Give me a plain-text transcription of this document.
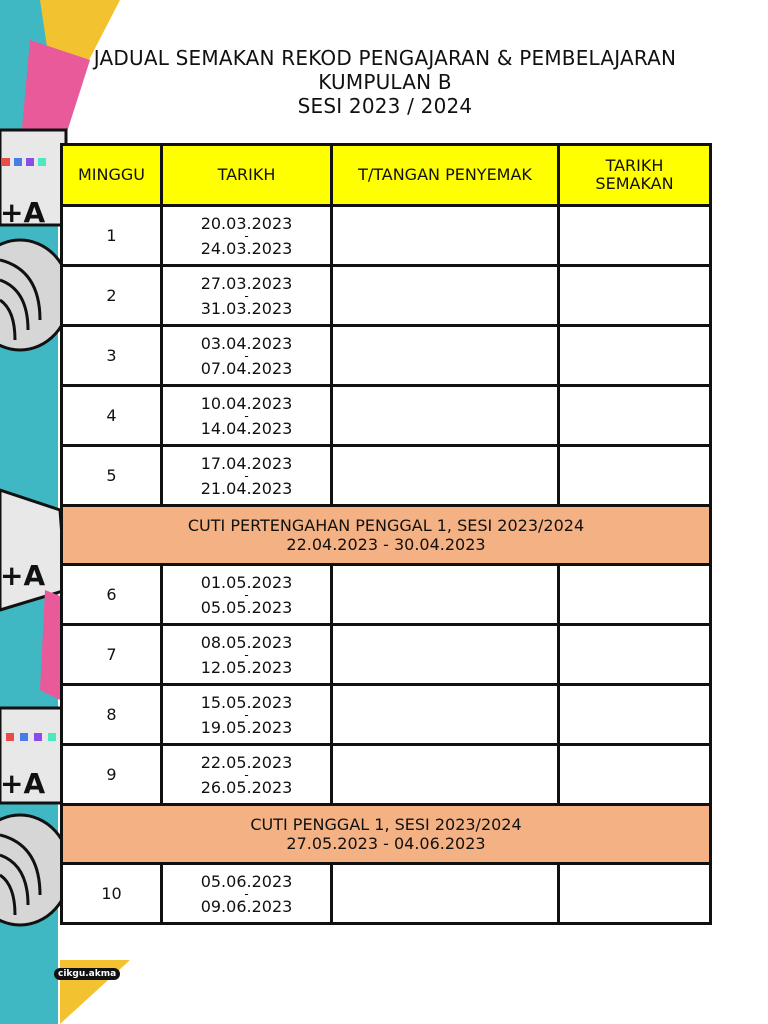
+A
+A
+A
JADUAL SEMAKAN REKOD PENGAJARAN & PEMBELAJARAN
KUMPULAN B
SESI 2023 / 2024
MINGGU	TARIKH	T/TANGAN PENYEMAK	TARIKH
SEMAKAN

1	20.03.2023
-
24.03.2023		

2	27.03.2023
-
31.03.2023		

3	03.04.2023
-
07.04.2023		

4	10.04.2023
-
14.04.2023		

5	17.04.2023
-
21.04.2023		

CUTI PERTENGAHAN PENGGAL 1, SESI 2023/2024
22.04.2023 - 30.04.2023			

6	01.05.2023
-
05.05.2023		

7	08.05.2023
-
12.05.2023		

8	15.05.2023
-
19.05.2023		

9	22.05.2023
-
26.05.2023		

CUTI PENGGAL 1, SESI 2023/2024
27.05.2023 - 04.06.2023			

10	05.06.2023
-
09.06.2023		

cikgu.akma
